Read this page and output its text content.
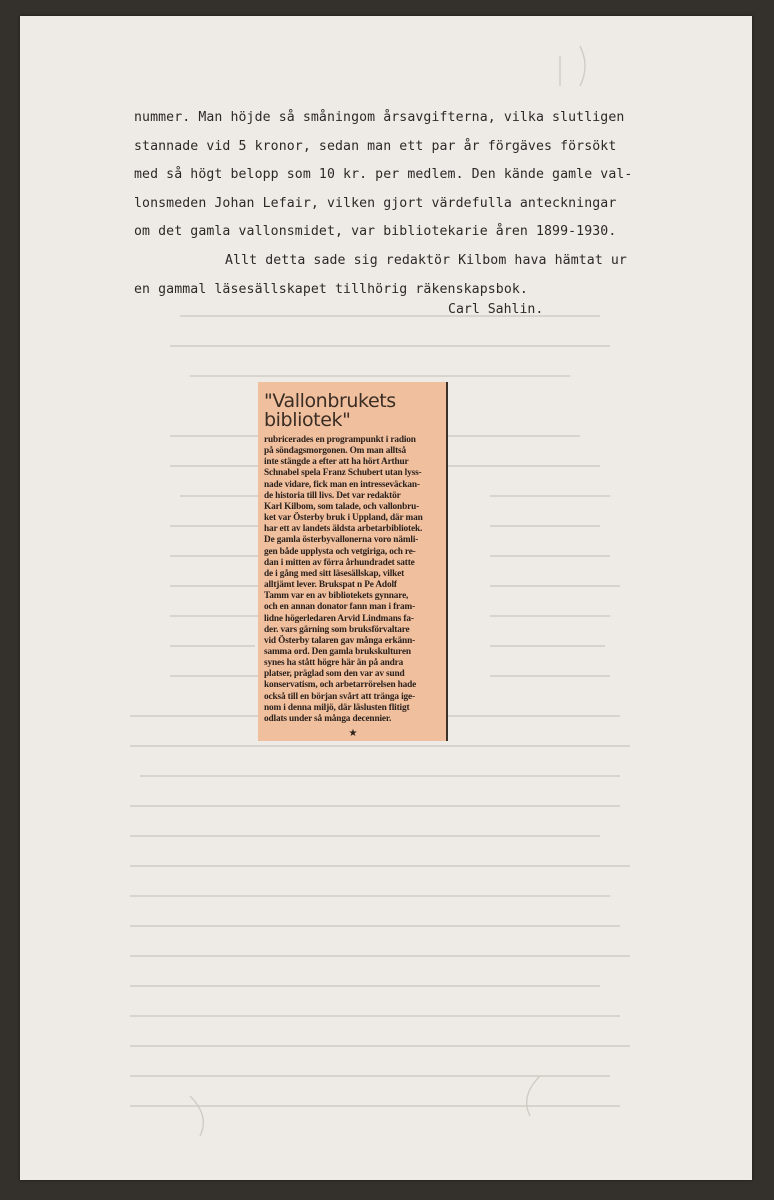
nummer. Man höjde så småningom årsavgifterna, vilka slutligen
stannade vid 5 kronor, sedan man ett par år förgäves försökt
med så högt belopp som 10 kr. per medlem. Den kände gamle val-
lonsmeden Johan Lefair, vilken gjort värdefulla anteckningar
om det gamla vallonsmidet, var bibliotekarie åren 1899-1930.
Allt detta sade sig redaktör Kilbom hava hämtat ur
en gammal läsesällskapet tillhörig räkenskapsbok.
Carl Sahlin.
"Vallonbrukets
bibliotek"
rubricerades en programpunkt i radion
på söndagsmorgonen. Om man alltså
inte stängde a efter att ha hört Arthur
Schnabel spela Franz Schubert utan lyss-
nade vidare, fick man en intresseväckan-
de historia till livs. Det var redaktör
Karl Kilbom, som talade, och vallonbru-
ket var Österby bruk i Uppland, där man
har ett av landets äldsta arbetarbibliotek.
De gamla österbyvallonerna voro nämli-
gen både upplysta och vetgiriga, och re-
dan i mitten av förra århundradet satte
de i gång med sitt läsesällskap, vilket
alltjämt lever. Brukspat n Pe Adolf
Tamm var en av bibliotekets gynnare,
och en annan donator fann man i fram-
lidne högerledaren Arvid Lindmans fa-
der. vars gärning som bruksförvaltare
vid Österby talaren gav många erkänn-
samma ord. Den gamla brukskulturen
synes ha stått högre här än på andra
platser, präglad som den var av sund
konservatism, och arbetarrörelsen hade
också till en början svårt att tränga ige-
nom i denna miljö, där läslusten flitigt
odlats under så många decennier.
★
